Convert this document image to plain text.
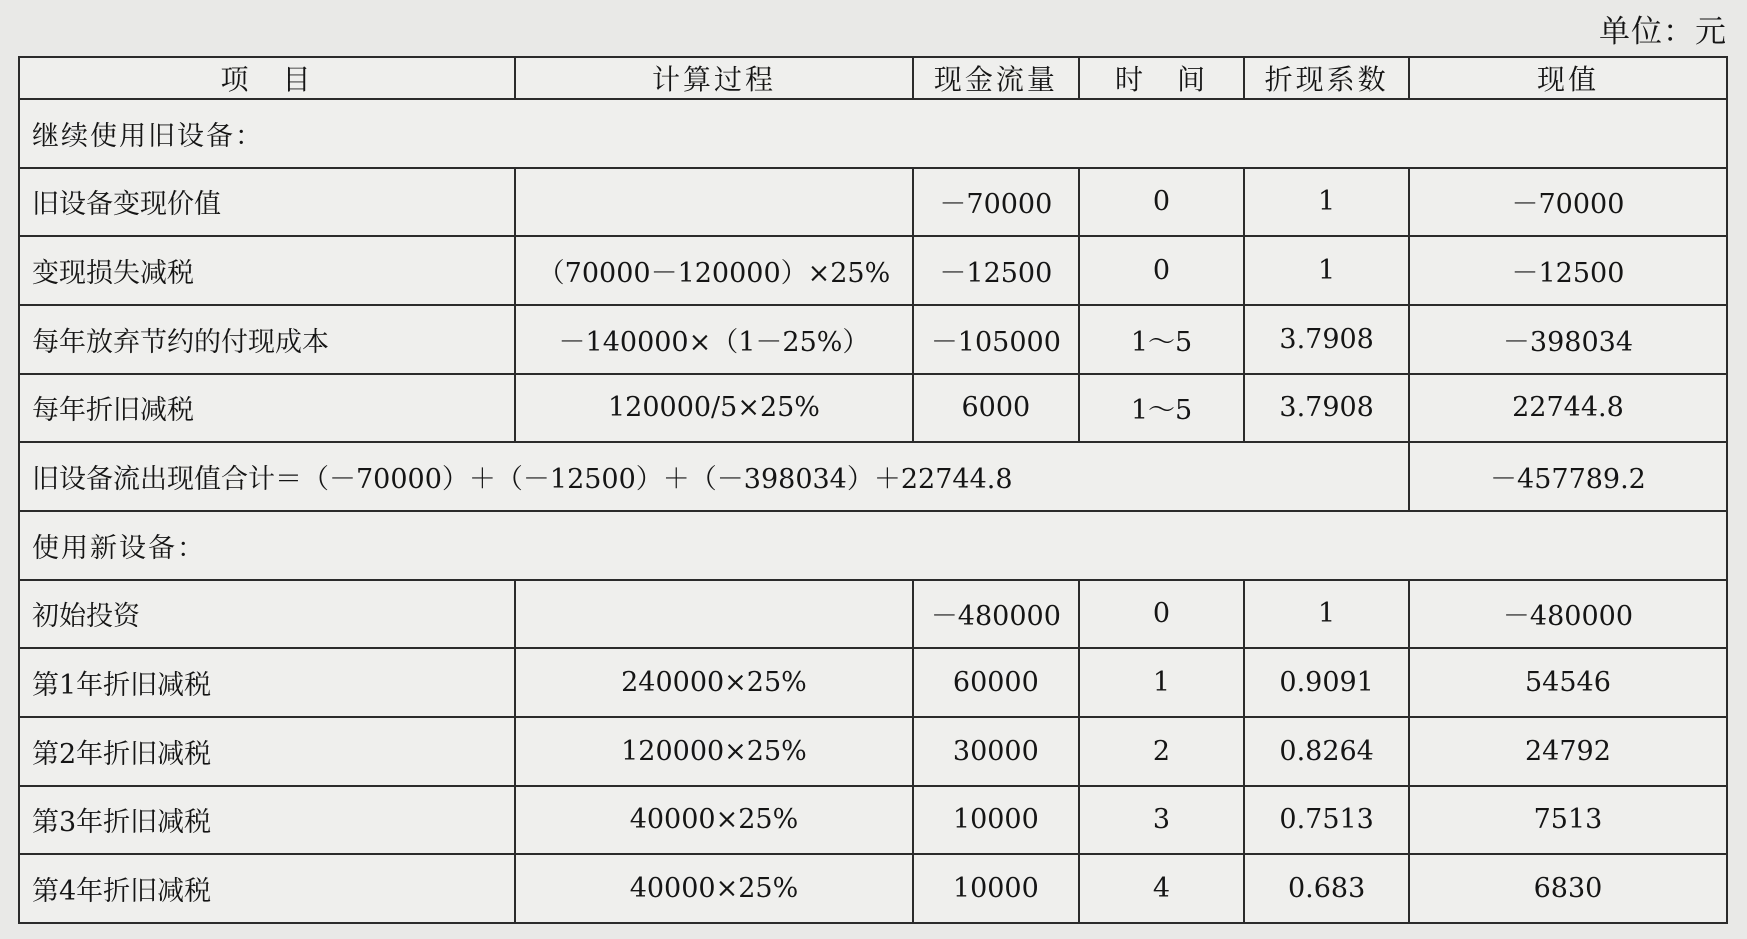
单位：元
项　目	计算过程	现金流量	时　间	折现系数	现值
继续使用旧设备：					
旧设备变现价值		－70000	0	1	－70000
变现损失减税	（70000－120000）×25%	－12500	0	1	－12500
每年放弃节约的付现成本	－140000×（1－25%）	－105000	1～5	3.7908	－398034
每年折旧减税	120000/5×25%	6000	1～5	3.7908	22744.8
旧设备流出现值合计＝（－70000）＋（－12500）＋（－398034）＋22744.8					－457789.2
使用新设备：					
初始投资		－480000	0	1	－480000
第1年折旧减税	240000×25%	60000	1	0.9091	54546
第2年折旧减税	120000×25%	30000	2	0.8264	24792
第3年折旧减税	40000×25%	10000	3	0.7513	7513
第4年折旧减税	40000×25%	10000	4	0.683	6830
